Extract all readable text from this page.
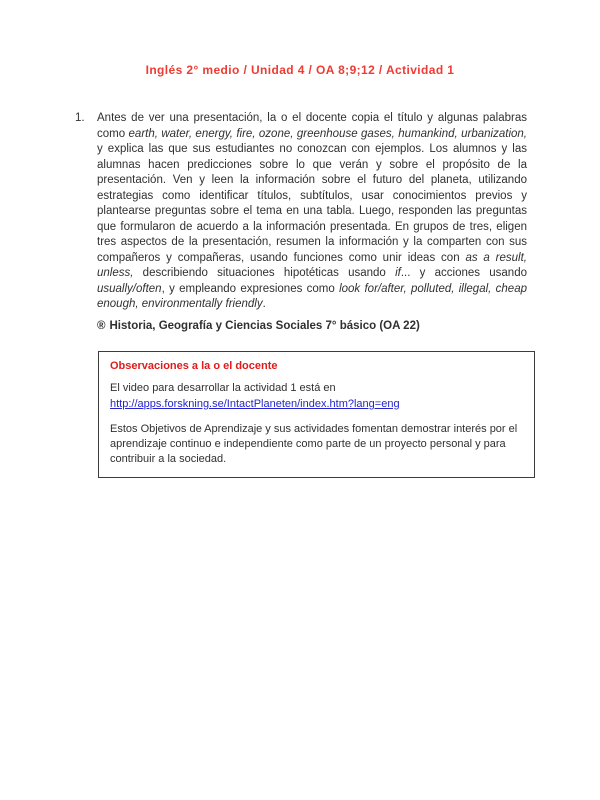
Inglés 2° medio / Unidad 4 / OA 8;9;12 / Actividad 1
1.	Antes de ver una presentación, la o el docente copia el título y algunas palabras como earth, water, energy, fire, ozone, greenhouse gases, humankind, urbanization, y explica las que sus estudiantes no conozcan con ejemplos. Los alumnos y las alumnas hacen predicciones sobre lo que verán y sobre el propósito de la presentación. Ven y leen la información sobre el futuro del planeta, utilizando estrategias como identificar títulos, subtítulos, usar conocimientos previos y plantearse preguntas sobre el tema en una tabla. Luego, responden las preguntas que formularon de acuerdo a la información presentada. En grupos de tres, eligen tres aspectos de la presentación, resumen la información y la comparten con sus compañeros y compañeras, usando funciones como unir ideas con as a result, unless, describiendo situaciones hipotéticas usando if... y acciones usando usually/often, y empleando expresiones como look for/after, polluted, illegal, cheap enough, environmentally friendly.
® Historia, Geografía y Ciencias Sociales 7° básico (OA 22)
Observaciones a la o el docente
El video para desarrollar la actividad 1 está en
http://apps.forskning.se/IntactPlaneten/index.htm?lang=eng
Estos Objetivos de Aprendizaje y sus actividades fomentan demostrar interés por el aprendizaje continuo e independiente como parte de un proyecto personal y para contribuir a la sociedad.
